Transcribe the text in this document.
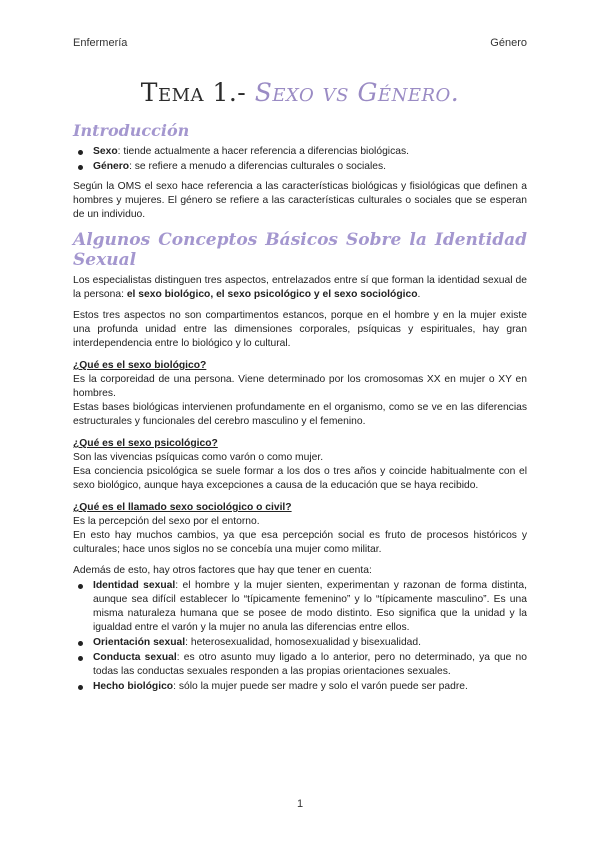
Enfermería	Género
Tema 1.- Sexo vs Género.
Introducción
Sexo: tiende actualmente a hacer referencia a diferencias biológicas.
Género: se refiere a menudo a diferencias culturales o sociales.

Según la OMS el sexo hace referencia a las características biológicas y fisiológicas que definen a hombres y mujeres. El género se refiere a las características culturales o sociales que se esperan de un individuo.

Algunos Conceptos Básicos Sobre la Identidad Sexual

Los especialistas distinguen tres aspectos, entrelazados entre sí que forman la identidad sexual de la persona: el sexo biológico, el sexo psicológico y el sexo sociológico.

Estos tres aspectos no son compartimentos estancos, porque en el hombre y en la mujer existe una profunda unidad entre las dimensiones corporales, psíquicas y espirituales, hay gran interdependencia entre lo biológico y lo cultural.

¿Qué es el sexo biológico?

Es la corporeidad de una persona. Viene determinado por los cromosomas XX en mujer o XY en hombres.

Estas bases biológicas intervienen profundamente en el organismo, como se ve en las diferencias estructurales y funcionales del cerebro masculino y el femenino.

¿Qué es el sexo psicológico?

Son las vivencias psíquicas como varón o como mujer.

Esa conciencia psicológica se suele formar a los dos o tres años y coincide habitualmente con el sexo biológico, aunque haya excepciones a causa de la educación que se haya recibido.

¿Qué es el llamado sexo sociológico o civil?

Es la percepción del sexo por el entorno.

En esto hay muchos cambios, ya que esa percepción social es fruto de procesos históricos y culturales; hace unos siglos no se concebía una mujer como militar.

Además de esto, hay otros factores que hay que tener en cuenta:

Identidad sexual: el hombre y la mujer sienten, experimentan y razonan de forma distinta, aunque sea difícil establecer lo “típicamente femenino” y lo “típicamente masculino”. Es una misma naturaleza humana que se posee de modo distinto. Eso significa que la unidad y la igualdad entre el varón y la mujer no anula las diferencias entre ellos.
Orientación sexual: heterosexualidad, homosexualidad y bisexualidad.
Conducta sexual: es otro asunto muy ligado a lo anterior, pero no determinado, ya que no todas las conductas sexuales responden a las propias orientaciones sexuales.
Hecho biológico: sólo la mujer puede ser madre y solo el varón puede ser padre.
1
